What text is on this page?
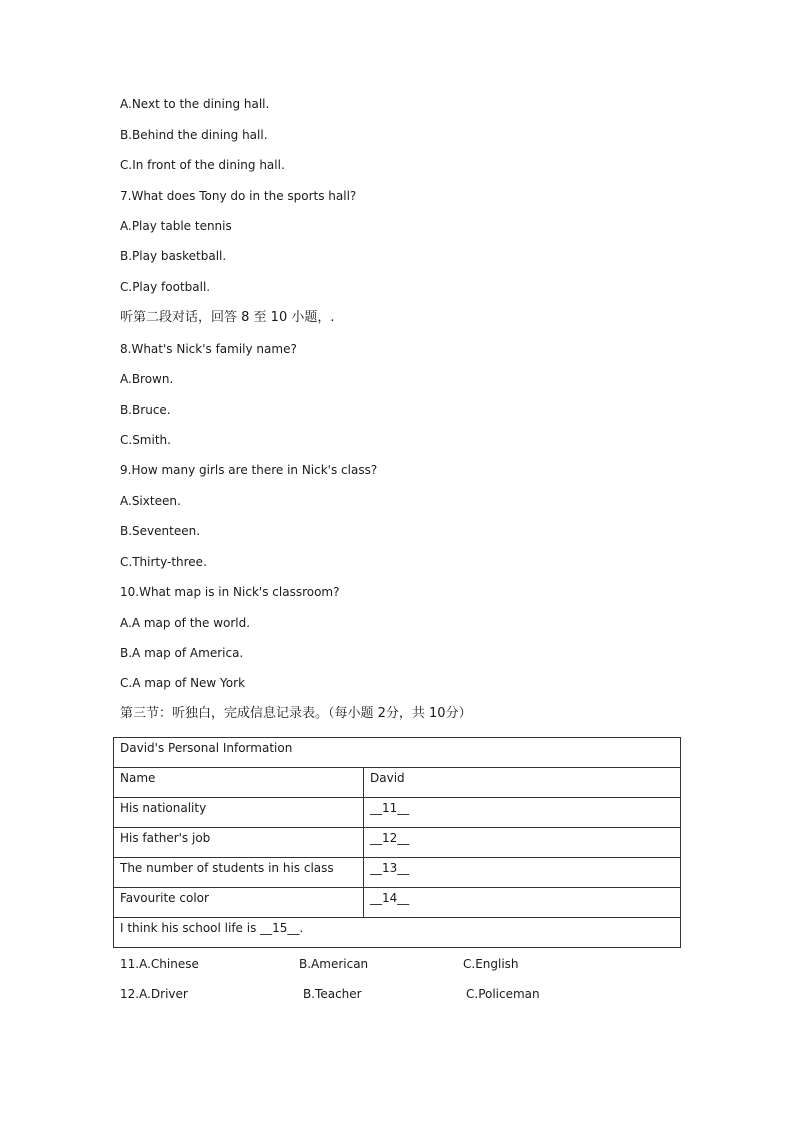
A.Next to the dining hall.
B.Behind the dining hall.
C.In front of the dining hall.
7.What does Tony do in the sports hall?
A.Play table tennis
B.Play basketball.
C.Play football.
听第二段对话，回答 8 至 10 小题，.
8.What's Nick's family name?
A.Brown.
B.Bruce.
C.Smith.
9.How many girls are there in Nick's class?
A.Sixteen.
B.Seventeen.
C.Thirty-three.
10.What map is in Nick's classroom?
A.A map of the world.
B.A map of America.
C.A map of New York
第三节：听独白，完成信息记录表。（每小题 2分，共 10分）
David's Personal Information	
Name	David
His nationality	__11__
His father's job	__12__
The number of students in his class	__13__
Favourite color	__14__
I think his school life is __15__.	
11.A.Chinese	B.American	C.English
12.A.Driver	B.Teacher	C.Policeman
